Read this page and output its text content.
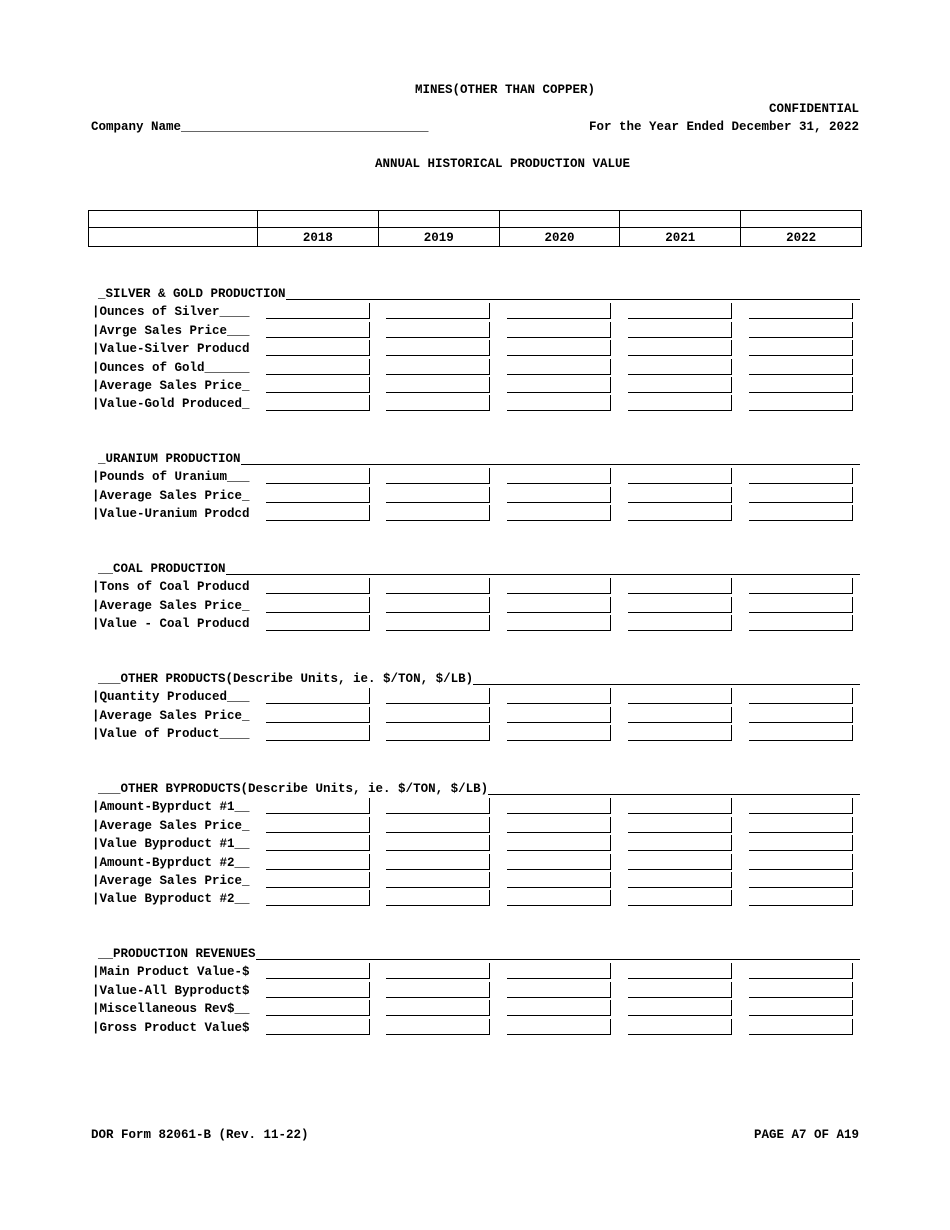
MINES(OTHER THAN COPPER)
CONFIDENTIAL
Company Name_________________________________	For the Year Ended December 31, 2022
ANNUAL HISTORICAL PRODUCTION VALUE

	2018	2019	2020	2021	2022
_SILVER & GOLD PRODUCTION
|Ounces of Silver____
|Avrge Sales Price___
|Value-Silver Producd
|Ounces of Gold______
|Average Sales Price_
|Value-Gold Produced_
_URANIUM PRODUCTION
|Pounds of Uranium___
|Average Sales Price_
|Value-Uranium Prodcd
__COAL PRODUCTION
|Tons of Coal Producd
|Average Sales Price_
|Value - Coal Producd
___OTHER PRODUCTS(Describe Units, ie. $/TON, $/LB)
|Quantity Produced___
|Average Sales Price_
|Value of Product____
___OTHER BYPRODUCTS(Describe Units, ie. $/TON, $/LB)
|Amount-Byprduct #1__
|Average Sales Price_
|Value Byproduct #1__
|Amount-Byprduct #2__
|Average Sales Price_
|Value Byproduct #2__
__PRODUCTION REVENUES
|Main Product Value-$
|Value-All Byproduct$
|Miscellaneous Rev$__
|Gross Product Value$
DOR Form 82061-B (Rev. 11-22)	PAGE A7 OF A19
